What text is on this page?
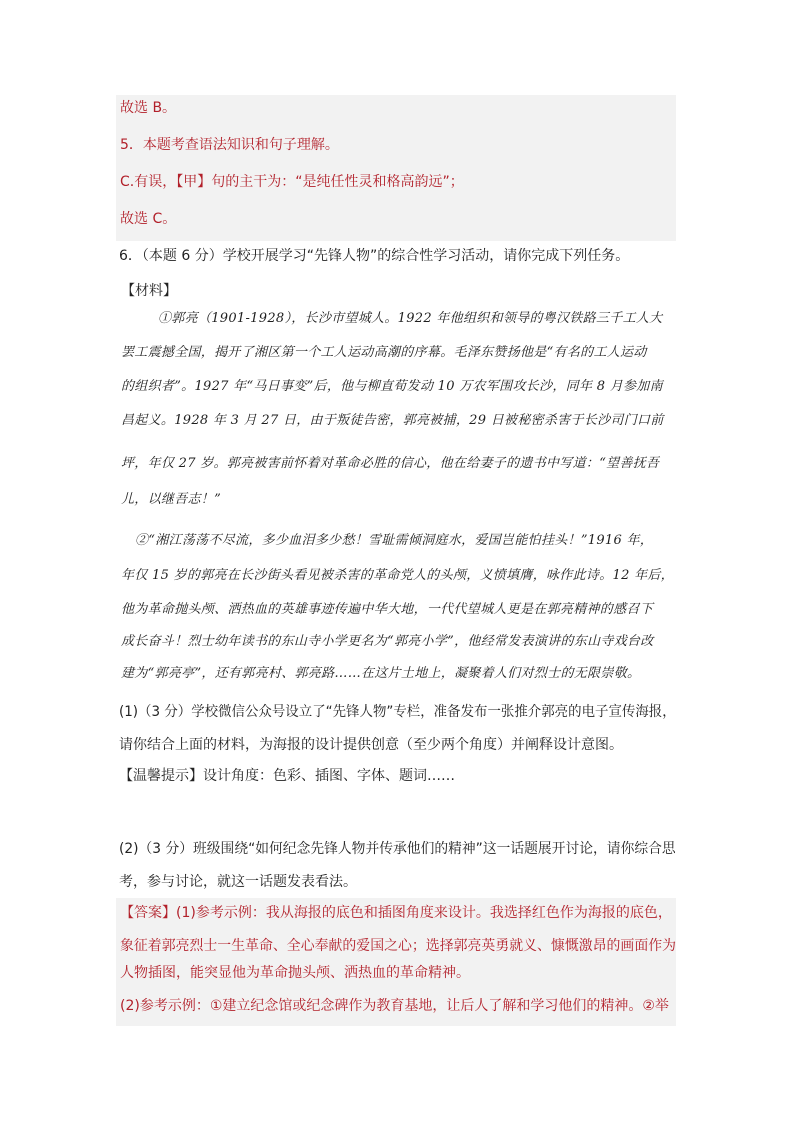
故选 B。
5．本题考查语法知识和句子理解。
C.有误，【甲】句的主干为：“是纯任性灵和格高韵远”；
故选 C。
6．（本题 6 分）学校开展学习“先锋人物”的综合性学习活动，请你完成下列任务。
【材料】
①郭亮（1901-1928），长沙市望城人。1922 年他组织和领导的粤汉铁路三千工人大
罢工震撼全国，揭开了湘区第一个工人运动高潮的序幕。毛泽东赞扬他是“有名的工人运动
的组织者”。1927 年“马日事变”后，他与柳直荀发动 10 万农军围攻长沙，同年 8 月参加南
昌起义。1928 年 3 月 27 日，由于叛徒告密，郭亮被捕，29 日被秘密杀害于长沙司门口前
坪，年仅 27 岁。郭亮被害前怀着对革命必胜的信心，他在给妻子的遗书中写道：“望善抚吾
儿，以继吾志！”
②“湘江荡荡不尽流，多少血泪多少愁！雪耻需倾洞庭水，爱国岂能怕挂头！”1916 年，
年仅 15 岁的郭亮在长沙街头看见被杀害的革命党人的头颅，义愤填膺，咏作此诗。12 年后，
他为革命抛头颅、洒热血的英雄事迹传遍中华大地，一代代望城人更是在郭亮精神的感召下
成长奋斗！烈士幼年读书的东山寺小学更名为“郭亮小学”，他经常发表演讲的东山寺戏台改
建为“郭亮亭”，还有郭亮村、郭亮路……在这片土地上，凝聚着人们对烈士的无限崇敬。
(1)（3 分）学校微信公众号设立了“先锋人物”专栏，准备发布一张推介郭亮的电子宣传海报，
请你结合上面的材料，为海报的设计提供创意（至少两个角度）并阐释设计意图。
【温馨提示】设计角度：色彩、插图、字体、题词……
(2)（3 分）班级围绕“如何纪念先锋人物并传承他们的精神”这一话题展开讨论，请你综合思
考，参与讨论，就这一话题发表看法。
【答案】(1)参考示例：我从海报的底色和插图角度来设计。我选择红色作为海报的底色，
象征着郭亮烈士一生革命、全心奉献的爱国之心；选择郭亮英勇就义、慷慨激昂的画面作为
人物插图，能突显他为革命抛头颅、洒热血的革命精神。
(2)参考示例：①建立纪念馆或纪念碑作为教育基地，让后人了解和学习他们的精神。②举
